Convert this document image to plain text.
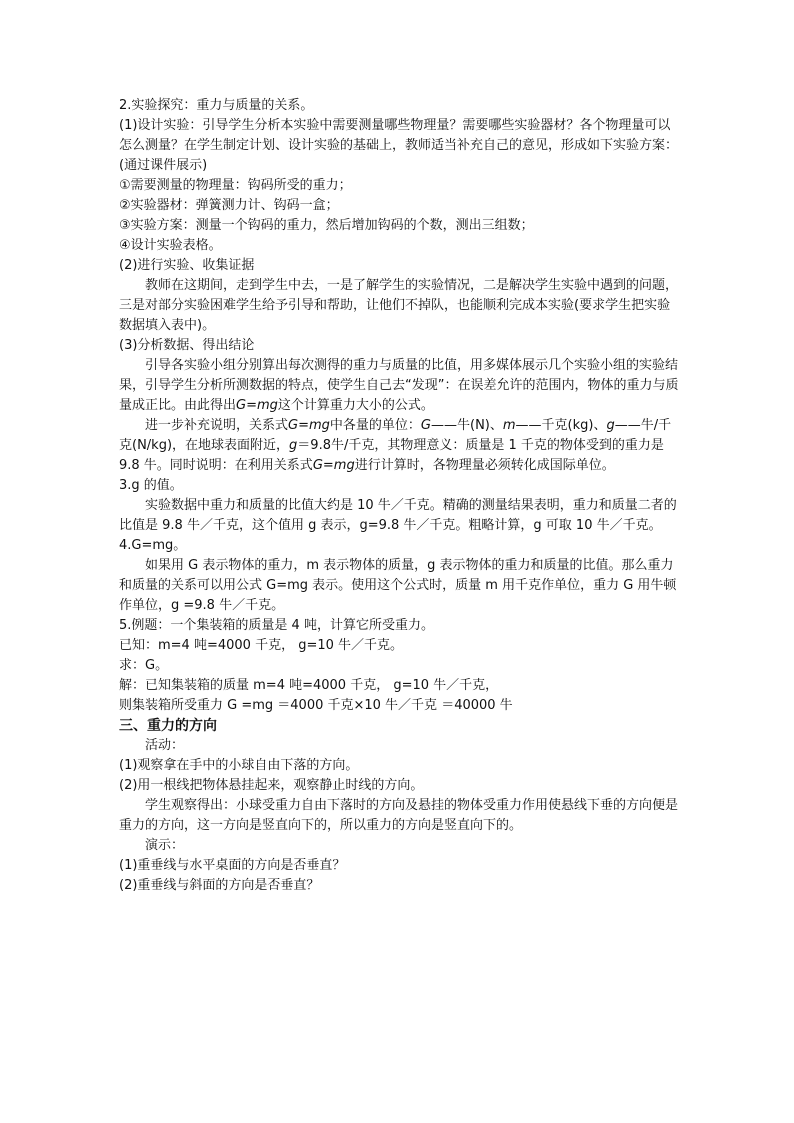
2.实验探究：重力与质量的关系。

(1)设计实验：引导学生分析本实验中需要测量哪些物理量？需要哪些实验器材？各个物理量可以怎么测量？在学生制定计划、设计实验的基础上，教师适当补充自己的意见，形成如下实验方案：(通过课件展示)

①需要测量的物理量：钩码所受的重力；

②实验器材：弹簧测力计、钩码一盒；

③实验方案：测量一个钩码的重力，然后增加钩码的个数，测出三组数；

④设计实验表格。

(2)进行实验、收集证据

教师在这期间，走到学生中去，一是了解学生的实验情况，二是解决学生实验中遇到的问题，三是对部分实验困难学生给予引导和帮助，让他们不掉队，也能顺利完成本实验(要求学生把实验数据填入表中)。

(3)分析数据、得出结论

引导各实验小组分别算出每次测得的重力与质量的比值，用多媒体展示几个实验小组的实验结果，引导学生分析所测数据的特点，使学生自己去“发现”：在误差允许的范围内，物体的重力与质量成正比。由此得出G=mg这个计算重力大小的公式。

进一步补充说明，关系式G=mg中各量的单位：G——牛(N)、m——千克(kg)、g——牛/千克(N/kg)，在地球表面附近，g＝9.8牛/千克，其物理意义：质量是 1 千克的物体受到的重力是 9.8 牛。同时说明：在利用关系式G=mg进行计算时，各物理量必须转化成国际单位。

3.g 的值。

实验数据中重力和质量的比值大约是 10 牛／千克。精确的测量结果表明，重力和质量二者的比值是 9.8 牛／千克，这个值用 g 表示，g=9.8 牛／千克。粗略计算，g 可取 10 牛／千克。

4.G=mg。

如果用 G 表示物体的重力，m 表示物体的质量，g 表示物体的重力和质量的比值。那么重力和质量的关系可以用公式 G=mg 表示。使用这个公式时，质量 m 用千克作单位，重力 G 用牛顿作单位，g =9.8 牛／千克。

5.例题：一个集装箱的质量是 4 吨，计算它所受重力。

已知：m=4 吨=4000 千克， g=10 牛／千克。

求：G。

解：已知集装箱的质量 m=4 吨=4000 千克， g=10 牛／千克，

则集装箱所受重力 G =mg ＝4000 千克×10 牛／千克 ＝40000 牛

三、重力的方向

活动：

(1)观察拿在手中的小球自由下落的方向。

(2)用一根线把物体悬挂起来，观察静止时线的方向。

学生观察得出：小球受重力自由下落时的方向及悬挂的物体受重力作用使悬线下垂的方向便是重力的方向，这一方向是竖直向下的，所以重力的方向是竖直向下的。

演示：

(1)重垂线与水平桌面的方向是否垂直？

(2)重垂线与斜面的方向是否垂直？
